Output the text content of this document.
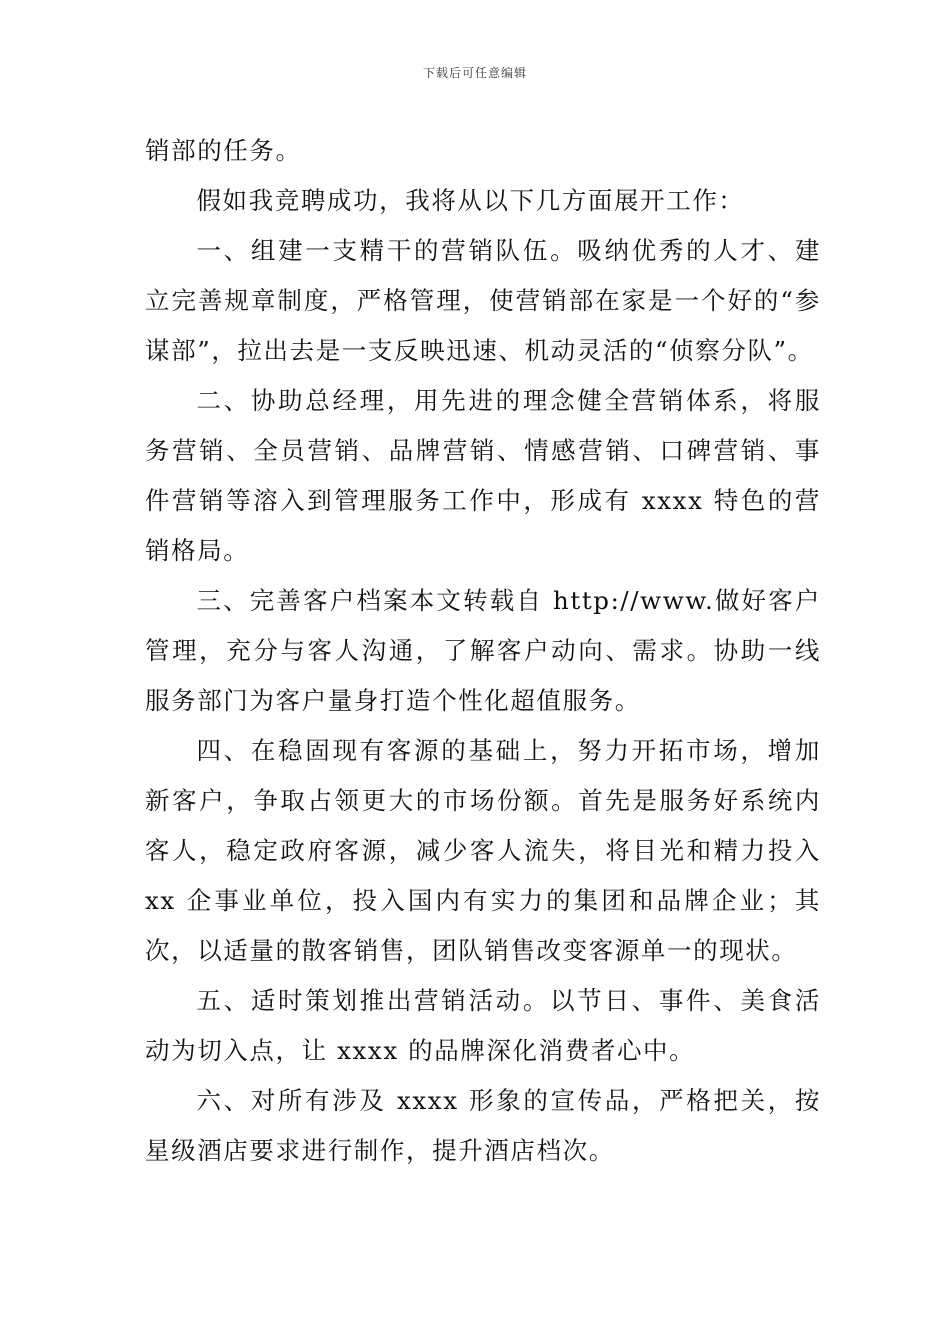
下载后可任意编辑

销部的任务。

假如我竞聘成功，我将从以下几方面展开工作：

一、组建一支精干的营销队伍。吸纳优秀的人才、建立完善规章制度，严格管理，使营销部在家是一个好的“参谋部”，拉出去是一支反映迅速、机动灵活的“侦察分队”。

二、协助总经理，用先进的理念健全营销体系，将服务营销、全员营销、品牌营销、情感营销、口碑营销、事件营销等溶入到管理服务工作中，形成有 xxxx 特色的营销格局。

三、完善客户档案本文转载自 http://www.做好客户管理，充分与客人沟通，了解客户动向、需求。协助一线服务部门为客户量身打造个性化超值服务。

四、在稳固现有客源的基础上，努力开拓市场，增加新客户，争取占领更大的市场份额。首先是服务好系统内客人，稳定政府客源，减少客人流失，将目光和精力投入 xx 企事业单位，投入国内有实力的集团和品牌企业；其次，以适量的散客销售，团队销售改变客源单一的现状。

五、适时策划推出营销活动。以节日、事件、美食活动为切入点，让 xxxx 的品牌深化消费者心中。

六、对所有涉及 xxxx 形象的宣传品，严格把关，按星级酒店要求进行制作，提升酒店档次。
